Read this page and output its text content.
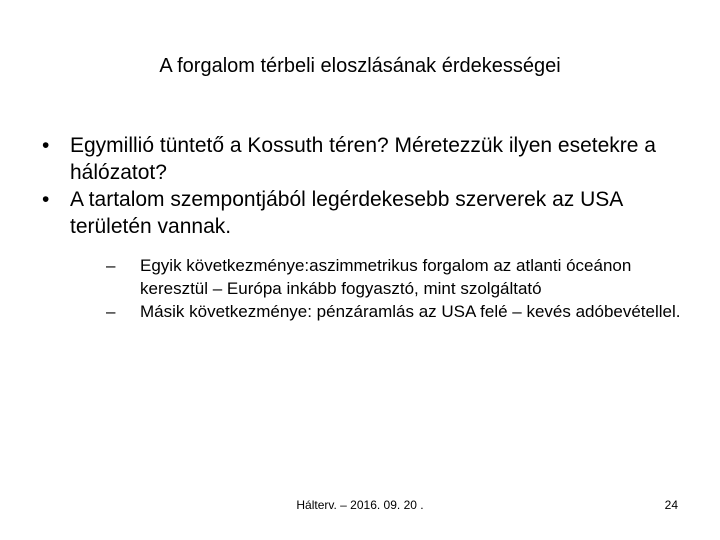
A forgalom térbeli eloszlásának érdekességei
• Egymillió tüntető a Kossuth téren? Méretezzük ilyen esetekre a hálózatot?
• A tartalom szempontjából legérdekesebb szerverek az USA területén vannak.
– Egyik következménye:aszimmetrikus forgalom az atlanti óceánon keresztül – Európa inkább fogyasztó, mint szolgáltató
– Másik következménye: pénzáramlás az USA felé – kevés adóbevétellel.
Hálterv. – 2016. 09. 20 .	24
